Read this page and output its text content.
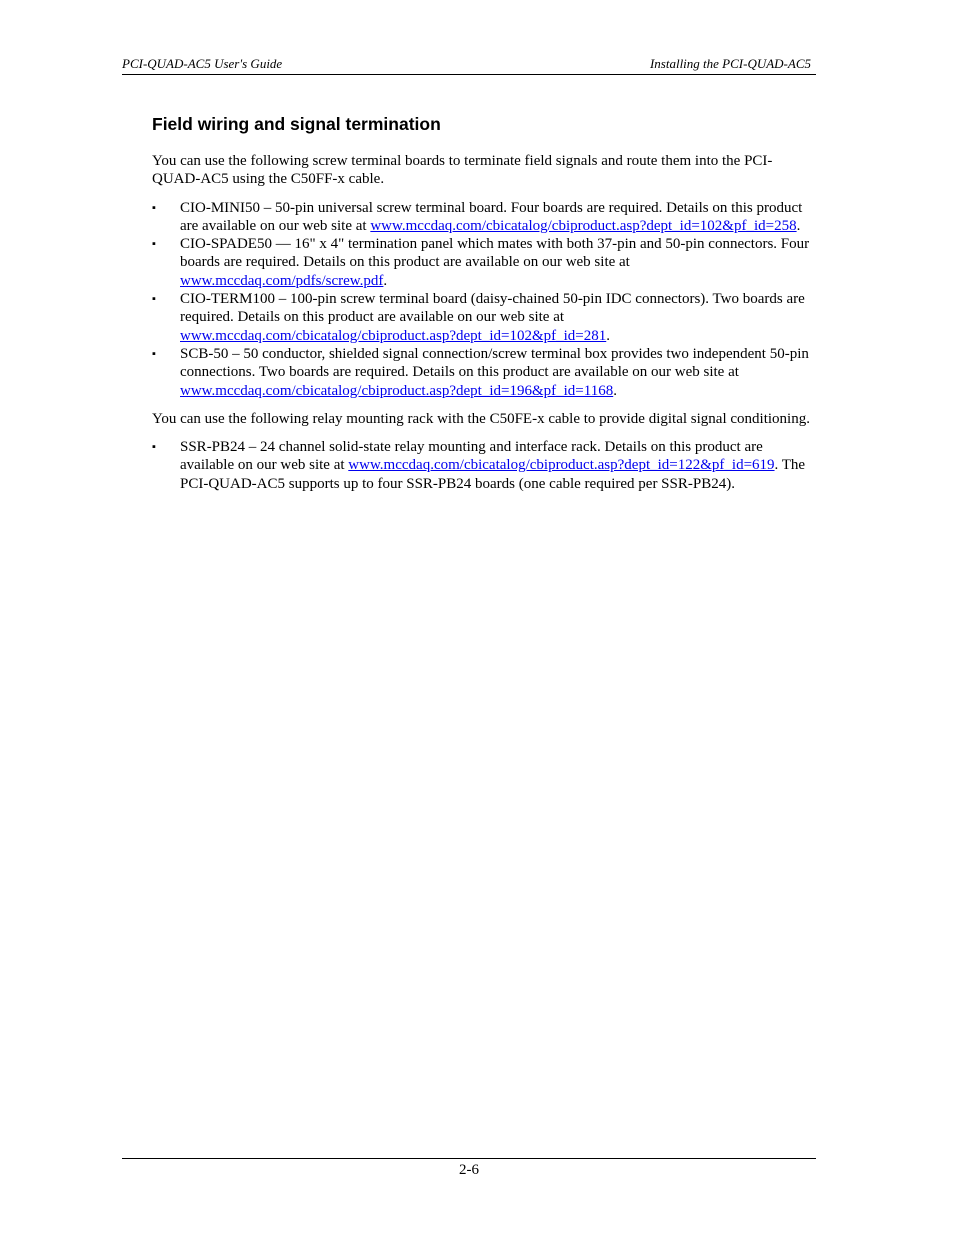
PCI-QUAD-AC5 User's Guide	Installing the PCI-QUAD-AC5
Field wiring and signal termination

You can use the following screw terminal boards to terminate field signals and route them into the PCI-QUAD-AC5 using the C50FF-x cable.

▪ CIO-MINI50 – 50-pin universal screw terminal board. Four boards are required. Details on this product are available on our web site at www.mccdaq.com/cbicatalog/cbiproduct.asp?dept_id=102&pf_id=258.
▪ CIO-SPADE50 — 16" x 4" termination panel which mates with both 37-pin and 50-pin connectors. Four boards are required. Details on this product are available on our web site at www.mccdaq.com/pdfs/screw.pdf.
▪ CIO-TERM100 – 100-pin screw terminal board (daisy-chained 50-pin IDC connectors). Two boards are required. Details on this product are available on our web site at www.mccdaq.com/cbicatalog/cbiproduct.asp?dept_id=102&pf_id=281.
▪ SCB-50 – 50 conductor, shielded signal connection/screw terminal box provides two independent 50-pin connections. Two boards are required. Details on this product are available on our web site at www.mccdaq.com/cbicatalog/cbiproduct.asp?dept_id=196&pf_id=1168.

You can use the following relay mounting rack with the C50FE-x cable to provide digital signal conditioning.

▪ SSR-PB24 – 24 channel solid-state relay mounting and interface rack. Details on this product are available on our web site at www.mccdaq.com/cbicatalog/cbiproduct.asp?dept_id=122&pf_id=619. The PCI-QUAD-AC5 supports up to four SSR-PB24 boards (one cable required per SSR-PB24).
2-6
